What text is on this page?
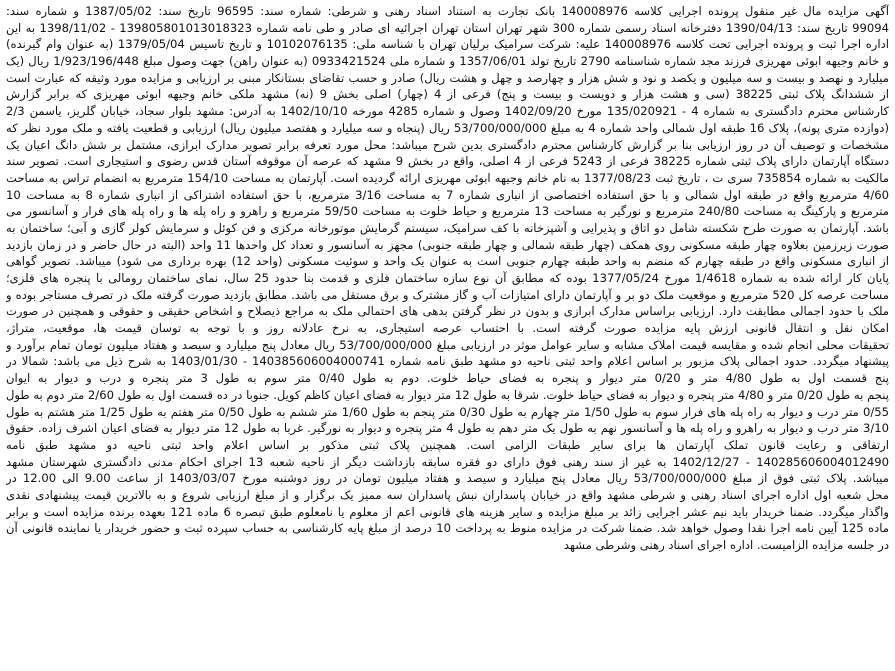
آگهی مزایده مال غیر منقول پرونده اجرایی کلاسه 140008976 بانک تجارت به استناد اسناد رهنی و شرطی: شماره سند: 96595 تاریخ سند: 1387/05/02 و شماره سند:
99094 تاریخ سند: 1390/04/13 دفترخانه اسناد رسمی شماره 300 شهر تهران استان تهران اجرائیه ای صادر و طی نامه شماره 139805801013018323 - 1398/11/02 به این
اداره اجرا ثبت و پرونده اجرایی تحت کلاسه 140008976 علیه: شرکت سرامیک برلیان تهران با شناسه ملی: 10102076135 و تاریخ تاسیس 1379/05/04 (به عنوان وام گیرنده)
و خانم وجیهه ابوئی مهریزی فرزند مجد شماره شناسنامه 2790 تاریخ تولد 1357/06/01 و شماره ملی 0933421524 (به عنوان راهن) جهت وصول مبلغ 1/923/196/448 ریال (یک
میلیارد و نهصد و بیست و سه میلیون و یکصد و نود و شش هزار و چهارصد و چهل و هشت ریال) صادر و حسب تقاضای بستانکار مبنی بر ارزیابی و مزایده مورد وثیقه که عبارت است
از ششدانگ پلاک ثبتی 38225 (سی و هشت هزار و دویست و بیست و پنج) فرعی از 4 (چهار) اصلی بخش 9 (نه) مشهد ملکی خانم وجیهه ابوئی مهریزی که برابر گزارش
کارشناس محترم دادگستری به شماره 4 - 135/020921 مورخ 1402/09/20 وصول و شماره 4285 مورخه 1402/10/10 به آدرس: مشهد بلوار سجاد، خیابان گلریز، یاسمن 2/3
(دوازده متری پونه)، پلاک 16 طبقه اول شمالی واحد شماره 4 به مبلغ 53/700/000/000 ریال (پنجاه و سه میلیارد و هفتصد میلیون ریال) ارزیابی و قطعیت یافته و ملک مورد نظر که
مشخصات و توصیف آن در روز ارزیابی بنا بر گزارش کارشناس محترم دادگستری بدین شرح میباشد: محل مورد تعرفه برابر تصویر مدارک ابرازی، مشتمل بر شش دانگ اعیان یک
دستگاه آپارتمان دارای پلاک ثبتی شماره 38225 فرعی از 5243 فرعی از 4 اصلی، واقع در بخش 9 مشهد که عرصه آن موقوفه آستان قدس رضوی و استیجاری است. تصویر سند
مالکیت به شماره 735854 سری ت ، تاریخ ثبت 1377/08/23 به نام خانم وجیهه ابوئی مهریزی ارائه گردیده است. آپارتمان به مساحت 154/10 مترمربع به انضمام تراس به مساحت
4/60 مترمربع واقع در طبقه اول شمالی و با حق استفاده اختصاصی از انباری شماره 7 به مساحت 3/16 مترمربع، با حق استفاده اشتراکی از انباری شماره 8 به مساحت 10
مترمربع و پارکینگ به مساحت 240/80 مترمربع و نورگیر به مساحت 13 مترمربع و حیاط خلوت به مساحت 59/50 مترمربع و راهرو و راه پله ها و راه پله های فرار و آسانسور می
باشد. آپارتمان به صورت طرح شکسته شامل دو اتاق و پذیرایی و آشپزخانه با کف سرامیک، سیستم گرمایش موتورخانه مرکزی و فن کوئل و سرمایش کولر گازی و آبی؛ ساختمان به
صورت زیرزمین بعلاوه چهار طبقه مسکونی روی همکف (چهار طبقه شمالی و چهار طبقه جنوبی) مجهز به آسانسور و تعداد کل واحدها 11 واحد (البته در حال حاضر و در زمان بازدید
از انباری مسکونی واقع در طبقه چهارم که منضم به واحد طبقه چهارم جنوبی است به عنوان یک واحد و سوئیت مسکونی (واحد 12) بهره برداری می شود) میباشد. تصویر گواهی
پایان کار ارائه شده به شماره 1/4618 مورخ 1377/05/24 بوده که مطابق آن نوع سازه ساختمان فلزی و قدمت بنا حدود 25 سال، نمای ساختمان رومالی با پنجره های فلزی؛
مساحت عرصه کل 520 مترمربع و موقعیت ملک دو بر و آپارتمان دارای امتیازات آب و گاز مشترک و برق مستقل می باشد. مطابق بازدید صورت گرفته ملک در تصرف مستاجر بوده و
ملک با حدود اجمالی مطابقت دارد. ارزیابی براساس مدارک ابرازی و بدون در نظر گرفتن بدهی های احتمالی ملک به مراجع ذیصلاح و اشخاص حقیقی و حقوقی و همچنین در صورت
امکان نقل و انتقال قانونی ارزش پایه مزایده صورت گرفته است. با احتساب عرصه استیجاری، به نرخ عادلانه روز و با توجه به توسان قیمت ها، موقعیت، متراژ،
تحقیقات محلی انجام شده و مقایسه قیمت املاک مشابه و سایر عوامل موثر در ارزیابی مبلغ 53/700/000/000 ریال معادل پنج میلیارد و سیصد و هفتاد میلیون تومان تمام برآورد و
پیشنهاد میگردد. حدود اجمالی پلاک مزبور بر اساس اعلام واحد ثبتی ناحیه دو مشهد طبق نامه شماره 140385606004000741 - 1403/01/30 به شرح ذیل می باشد: شمالا در
پنج قسمت اول به طول 4/80 متر و 0/20 متر دیوار و پنجره به فضای حیاط خلوت. دوم به طول 0/40 متر سوم به طول 3 متر پنجره و درب و دیوار به ایوان
پنجم به طول 0/20 متر و 4/80 متر پنجره و دیوار به فضای حیاط خلوت. شرقا به طول 12 متر دیوار به فضای اعیان کاظم کویل. جنوبا در ده قسمت اول به طول 2/60 متر دوم به طول
0/55 متر درب و دیوار به راه پله های فرار سوم به طول 1/50 متر چهارم به طول 0/30 متر پنجم به طول 1/60 متر ششم به طول 0/50 متر هفتم به طول 1/25 متر هشتم به طول
3/10 متر درب و دیوار به راهرو و راه پله ها و آسانسور نهم به طول یک متر دهم به طول 4 متر پنجره و دیوار به نورگیر. غربا به طول 12 متر دیوار به فضای اعیان اشرف زاده. حقوق
ارتفاقی و رعایت قانون تملک آپارتمان ها برای سایر طبقات الزامی است. همچنین پلاک ثبتی مذکور بر اساس اعلام واحد ثبتی ناحیه دو مشهد طبق نامه
140285606004012490 - 1402/12/27 به غیر از سند رهنی فوق دارای دو فقره سابقه بازداشت دیگر از ناحیه شعبه 13 اجرای احکام مدنی دادگستری شهرستان مشهد
میباشد. پلاک ثبتی فوق از مبلغ 53/700/000/000 ریال معادل پنج میلیارد و سیصد و هفتاد میلیون تومان در روز دوشنبه مورخ 1403/03/07 از ساعت 9.00 الی 12.00 در
محل شعبه اول اداره اجرای اسناد رهنی و شرطی مشهد واقع در خیابان پاسداران نبش پاسداران سه ممیز یک برگزار و از مبلغ ارزیابی شروع و به بالاترین قیمت پیشنهادی نقدی
واگذار میگردد. ضمنا خریدار باید نیم عشر اجرایی زائد بر مبلغ مزایده و سایر هزینه های قانونی اعم از معلوم یا نامعلوم طبق تبصره 6 ماده 121 بعهده برنده مزایده است و برابر
ماده 125 آیین نامه اجرا نقدا وصول خواهد شد. ضمنا شرکت در مزایده منوط به پرداخت 10 درصد از مبلغ پایه کارشناسی به حساب سپرده ثبت و حضور خریدار یا نماینده قانونی آن
در جلسه مزایده الزامیست. اداره اجرای اسناد رهنی وشرطی مشهد
